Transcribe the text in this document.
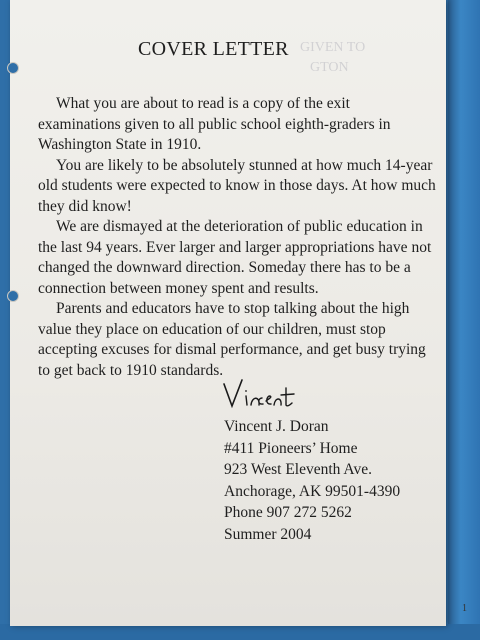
GIVEN TO
GTON
COVER LETTER

What you are about to read is a copy of the exit examinations given to all public school eighth-graders in Washington State in 1910.

You are likely to be absolutely stunned at how much 14-year old students were expected to know in those days. At how much they did know!

We are dismayed at the deterioration of public education in the last 94 years. Ever larger and larger appropriations have not changed the downward direction. Someday there has to be a connection between money spent and results.

Parents and educators have to stop talking about the high value they place on education of our children, must stop accepting excuses for dismal performance, and get busy trying to get back to 1910 standards.

Vincent J. Doran
#411 Pioneers’ Home
923 West Eleventh Ave.
Anchorage, AK 99501-4390
Phone 907 272 5262
Summer 2004
1
